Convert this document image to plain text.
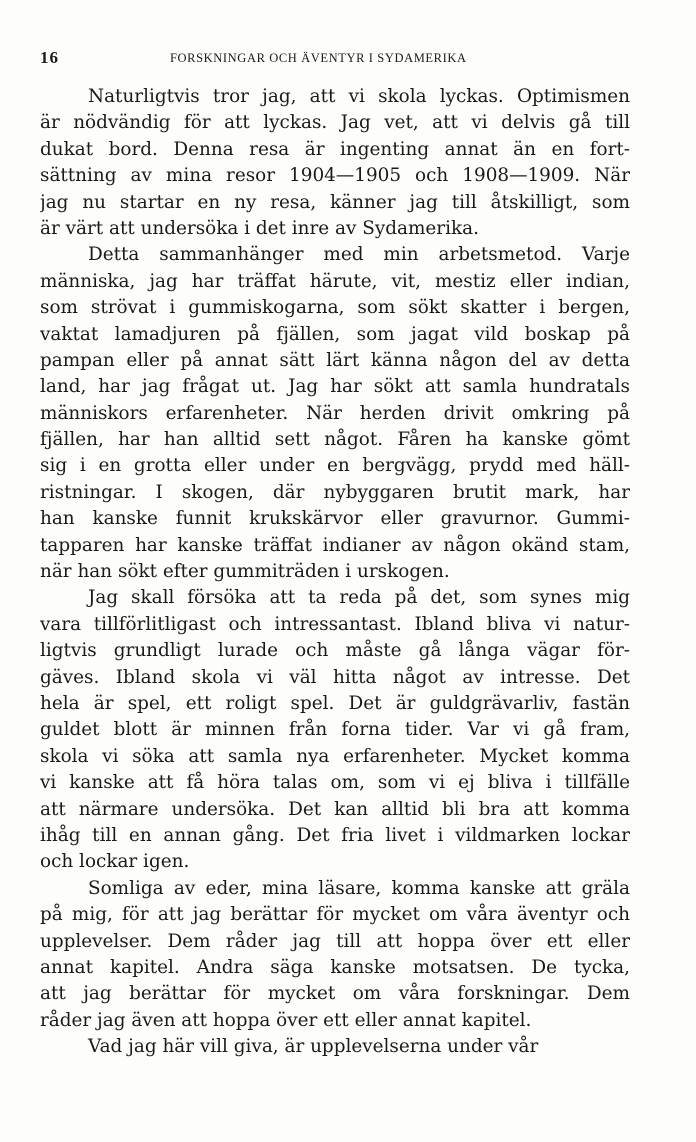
16	FORSKNINGAR OCH ÄVENTYR I SYDAMERIKA
Naturligtvis tror jag, att vi skola lyckas. Optimismen
är nödvändig för att lyckas. Jag vet, att vi delvis gå till
dukat bord. Denna resa är ingenting annat än en fort-
sättning av mina resor 1904—1905 och 1908—1909. När
jag nu startar en ny resa, känner jag till åtskilligt, som
är värt att undersöka i det inre av Sydamerika.
Detta sammanhänger med min arbetsmetod. Varje
människa, jag har träffat härute, vit, mestiz eller indian,
som strövat i gummiskogarna, som sökt skatter i bergen,
vaktat lamadjuren på fjällen, som jagat vild boskap på
pampan eller på annat sätt lärt känna någon del av detta
land, har jag frågat ut. Jag har sökt att samla hundratals
människors erfarenheter. När herden drivit omkring på
fjällen, har han alltid sett något. Fåren ha kanske gömt
sig i en grotta eller under en bergvägg, prydd med häll-
ristningar. I skogen, där nybyggaren brutit mark, har
han kanske funnit krukskärvor eller gravurnor. Gummi-
tapparen har kanske träffat indianer av någon okänd stam,
när han sökt efter gummiträden i urskogen.
Jag skall försöka att ta reda på det, som synes mig
vara tillförlitligast och intressantast. Ibland bliva vi natur-
ligtvis grundligt lurade och måste gå långa vägar för-
gäves. Ibland skola vi väl hitta något av intresse. Det
hela är spel, ett roligt spel. Det är guldgrävarliv, fastän
guldet blott är minnen från forna tider. Var vi gå fram,
skola vi söka att samla nya erfarenheter. Mycket komma
vi kanske att få höra talas om, som vi ej bliva i tillfälle
att närmare undersöka. Det kan alltid bli bra att komma
ihåg till en annan gång. Det fria livet i vildmarken lockar
och lockar igen.
Somliga av eder, mina läsare, komma kanske att gräla
på mig, för att jag berättar för mycket om våra äventyr och
upplevelser. Dem råder jag till att hoppa över ett eller
annat kapitel. Andra säga kanske motsatsen. De tycka,
att jag berättar för mycket om våra forskningar. Dem
råder jag även att hoppa över ett eller annat kapitel.
Vad jag här vill giva, är upplevelserna under vår
